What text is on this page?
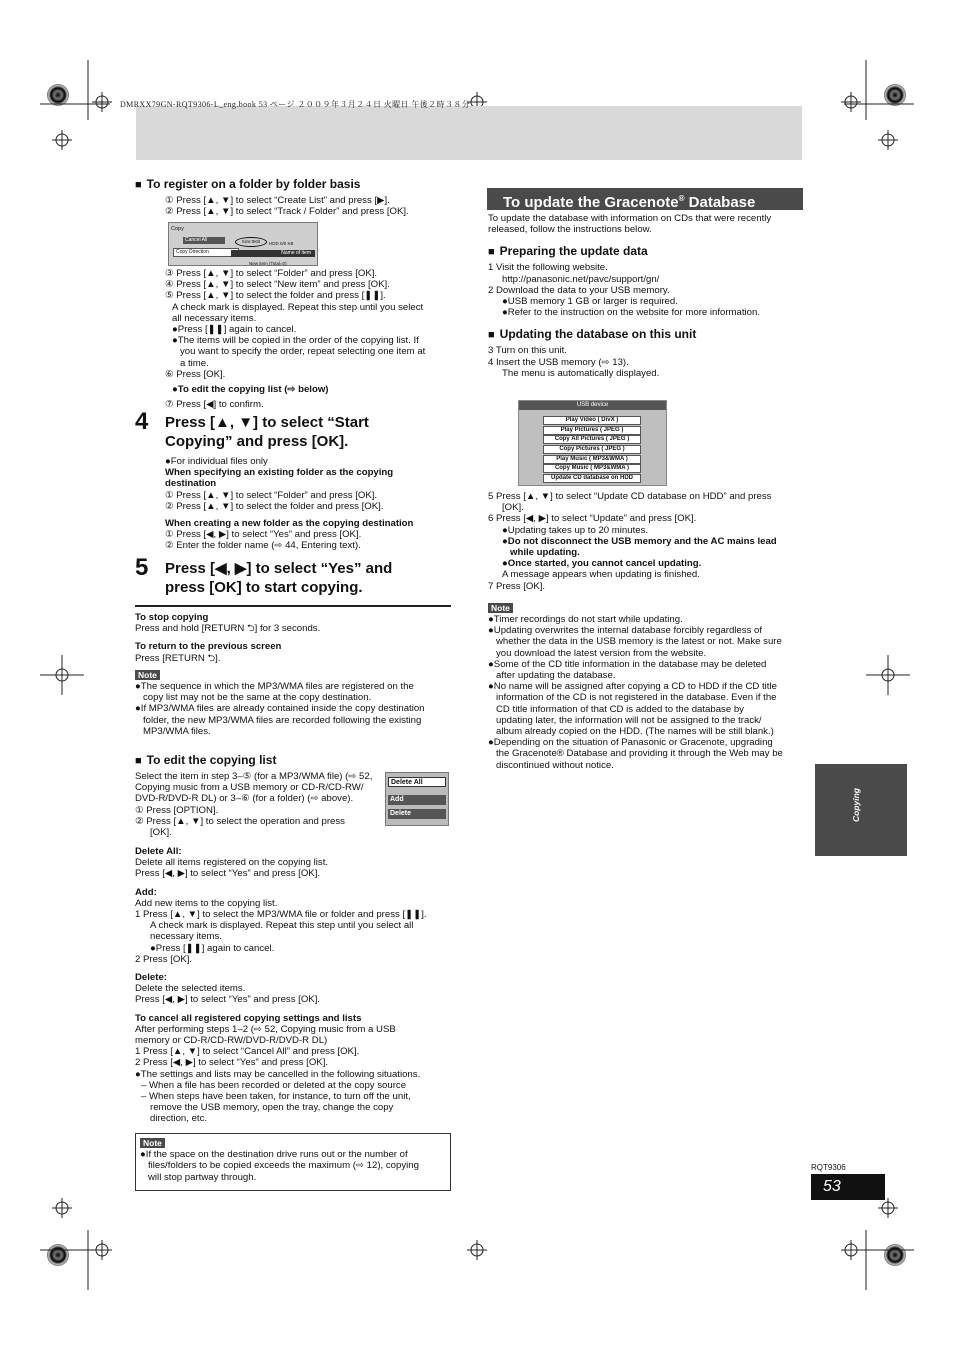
DMRXX79GN-RQT9306-L_eng.book 53 ページ ２００９年３月２４日 火曜日 午後２時３８分

■ To register on a folder by folder basis

① Press [▲, ▼] to select “Create List” and press [▶].

② Press [▲, ▼] to select “Track / Folder” and press [OK].

Copy
Cancel All
Copy Direction
Size:0KB	HDD 0/0 KB
Name of item
New item (Total=0)

③ Press [▲, ▼] to select “Folder” and press [OK].

④ Press [▲, ▼] to select “New item” and press [OK].

⑤ Press [▲, ▼] to select the folder and press [❚❚].

A check mark is displayed. Repeat this step until you select

all necessary items.

●Press [❚❚] again to cancel.

●The items will be copied in the order of the copying list. If

you want to specify the order, repeat selecting one item at

a time.

⑥ Press [OK].

●To edit the copying list (⇨ below)

⑦ Press [◀] to confirm.

4 Press [▲, ▼] to select “Start
Copying” and press [OK].

●For individual files only

When specifying an existing folder as the copying

destination

① Press [▲, ▼] to select “Folder” and press [OK].

② Press [▲, ▼] to select the folder and press [OK].

When creating a new folder as the copying destination

① Press [◀, ▶] to select “Yes” and press [OK].

② Enter the folder name (⇨ 44, Entering text).

5 Press [◀, ▶] to select “Yes” and
press [OK] to start copying.

To stop copying

Press and hold [RETURN ⮌] for 3 seconds.

To return to the previous screen

Press [RETURN ⮌].

Note

●The sequence in which the MP3/WMA files are registered on the

copy list may not be the same at the copy destination.

●If MP3/WMA files are already contained inside the copy destination

folder, the new MP3/WMA files are recorded following the existing

MP3/WMA files.

■ To edit the copying list

Select the item in step 3–⑤ (for a MP3/WMA file) (⇨ 52,

Copying music from a USB memory or CD-R/CD-RW/

DVD-R/DVD-R DL) or 3–⑥ (for a folder) (⇨ above).

① Press [OPTION].

② Press [▲, ▼] to select the operation and press

[OK].

Delete All
Add
Delete

Delete All:

Delete all items registered on the copying list.

Press [◀, ▶] to select “Yes” and press [OK].

Add:

Add new items to the copying list.

1 Press [▲, ▼] to select the MP3/WMA file or folder and press [❚❚].

A check mark is displayed. Repeat this step until you select all

necessary items.

●Press [❚❚] again to cancel.

2 Press [OK].

Delete:

Delete the selected items.

Press [◀, ▶] to select “Yes” and press [OK].

To cancel all registered copying settings and lists

After performing steps 1–2 (⇨ 52, Copying music from a USB

memory or CD-R/CD-RW/DVD-R/DVD-R DL)

1 Press [▲, ▼] to select “Cancel All” and press [OK].

2 Press [◀, ▶] to select “Yes” and press [OK].

●The settings and lists may be cancelled in the following situations.

– When a file has been recorded or deleted at the copy source

– When steps have been taken, for instance, to turn off the unit,

remove the USB memory, open the tray, change the copy

direction, etc.

Note

●If the space on the destination drive runs out or the number of

files/folders to be copied exceeds the maximum (⇨ 12), copying

will stop partway through.

To update the Gracenote® Database

To update the database with information on CDs that were recently

released, follow the instructions below.

■ Preparing the update data

1 Visit the following website.

http://panasonic.net/pavc/support/gn/

2 Download the data to your USB memory.

●USB memory 1 GB or larger is required.

●Refer to the instruction on the website for more information.

■ Updating the database on this unit

3 Turn on this unit.

4 Insert the USB memory (⇨ 13).

The menu is automatically displayed.

USB device
Play Video ( DivX )
Play Pictures ( JPEG )
Copy All Pictures ( JPEG )
Copy Pictures ( JPEG )
Play Music ( MP3&WMA )
Copy Music ( MP3&WMA )
Update CD database on HDD

5 Press [▲, ▼] to select “Update CD database on HDD” and press

[OK].

6 Press [◀, ▶] to select “Update” and press [OK].

●Updating takes up to 20 minutes.

●Do not disconnect the USB memory and the AC mains lead

while updating.

●Once started, you cannot cancel updating.

A message appears when updating is finished.

7 Press [OK].

Note

●Timer recordings do not start while updating.

●Updating overwrites the internal database forcibly regardless of

whether the data in the USB memory is the latest or not. Make sure

you download the latest version from the website.

●Some of the CD title information in the database may be deleted

after updating the database.

●No name will be assigned after copying a CD to HDD if the CD title

information of the CD is not registered in the database. Even if the

CD title information of that CD is added to the database by

updating later, the information will not be assigned to the track/

album already copied on the HDD. (The names will be still blank.)

●Depending on the situation of Panasonic or Gracenote, upgrading

the Gracenote® Database and providing it through the Web may be

discontinued without notice.

Copying
RQT9306
53
